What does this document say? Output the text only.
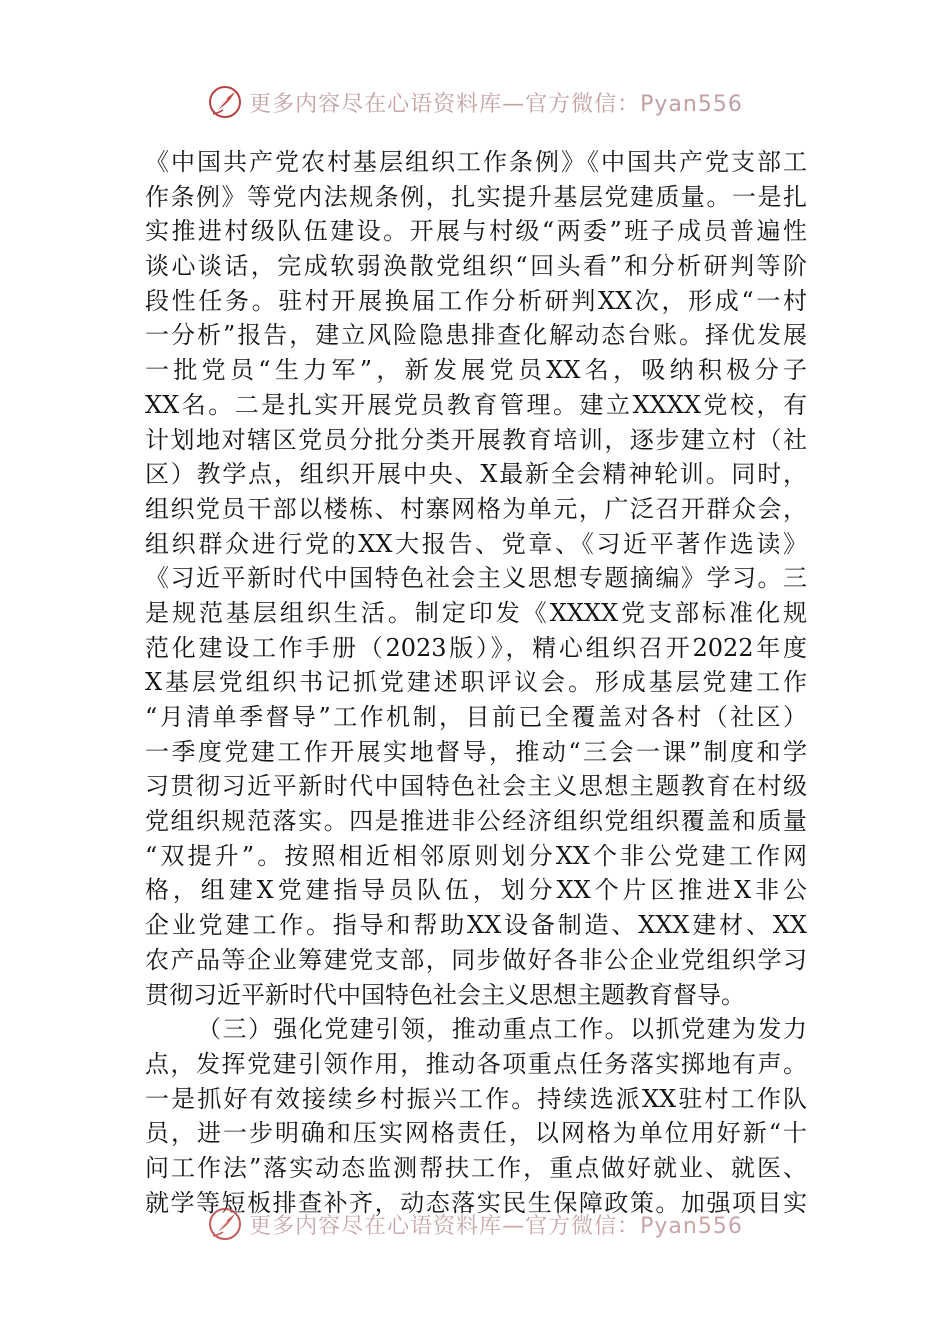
更多内容尽在心语资料库—官方微信：Pyan556
《中国共产党农村基层组织工作条例》《中国共产党支部工
作条例》等党内法规条例，扎实提升基层党建质量。一是扎
实推进村级队伍建设。开展与村级“两委”班子成员普遍性
谈心谈话，完成软弱涣散党组织“回头看”和分析研判等阶
段性任务。驻村开展换届工作分析研判XX次，形成“一村
一分析”报告，建立风险隐患排查化解动态台账。择优发展
一批党员“生力军”，新发展党员XX名，吸纳积极分子
XX名。二是扎实开展党员教育管理。建立XXXX党校，有
计划地对辖区党员分批分类开展教育培训，逐步建立村（社
区）教学点，组织开展中央、X最新全会精神轮训。同时，
组织党员干部以楼栋、村寨网格为单元，广泛召开群众会，
组织群众进行党的XX大报告、党章、《习近平著作选读》
《习近平新时代中国特色社会主义思想专题摘编》学习。三
是规范基层组织生活。制定印发《XXXX党支部标准化规
范化建设工作手册（2023版）》，精心组织召开2022年度
X基层党组织书记抓党建述职评议会。形成基层党建工作
“月清单季督导”工作机制，目前已全覆盖对各村（社区）
一季度党建工作开展实地督导，推动“三会一课”制度和学
习贯彻习近平新时代中国特色社会主义思想主题教育在村级
党组织规范落实。四是推进非公经济组织党组织覆盖和质量
“双提升”。按照相近相邻原则划分XX个非公党建工作网
格，组建X党建指导员队伍，划分XX个片区推进X非公
企业党建工作。指导和帮助XX设备制造、XXX建材、XX
农产品等企业筹建党支部，同步做好各非公企业党组织学习
贯彻习近平新时代中国特色社会主义思想主题教育督导。
（三）强化党建引领，推动重点工作。以抓党建为发力
点，发挥党建引领作用，推动各项重点任务落实掷地有声。
一是抓好有效接续乡村振兴工作。持续选派XX驻村工作队
员，进一步明确和压实网格责任，以网格为单位用好新“十
问工作法”落实动态监测帮扶工作，重点做好就业、就医、
就学等短板排查补齐，动态落实民生保障政策。加强项目实
更多内容尽在心语资料库—官方微信：Pyan556
